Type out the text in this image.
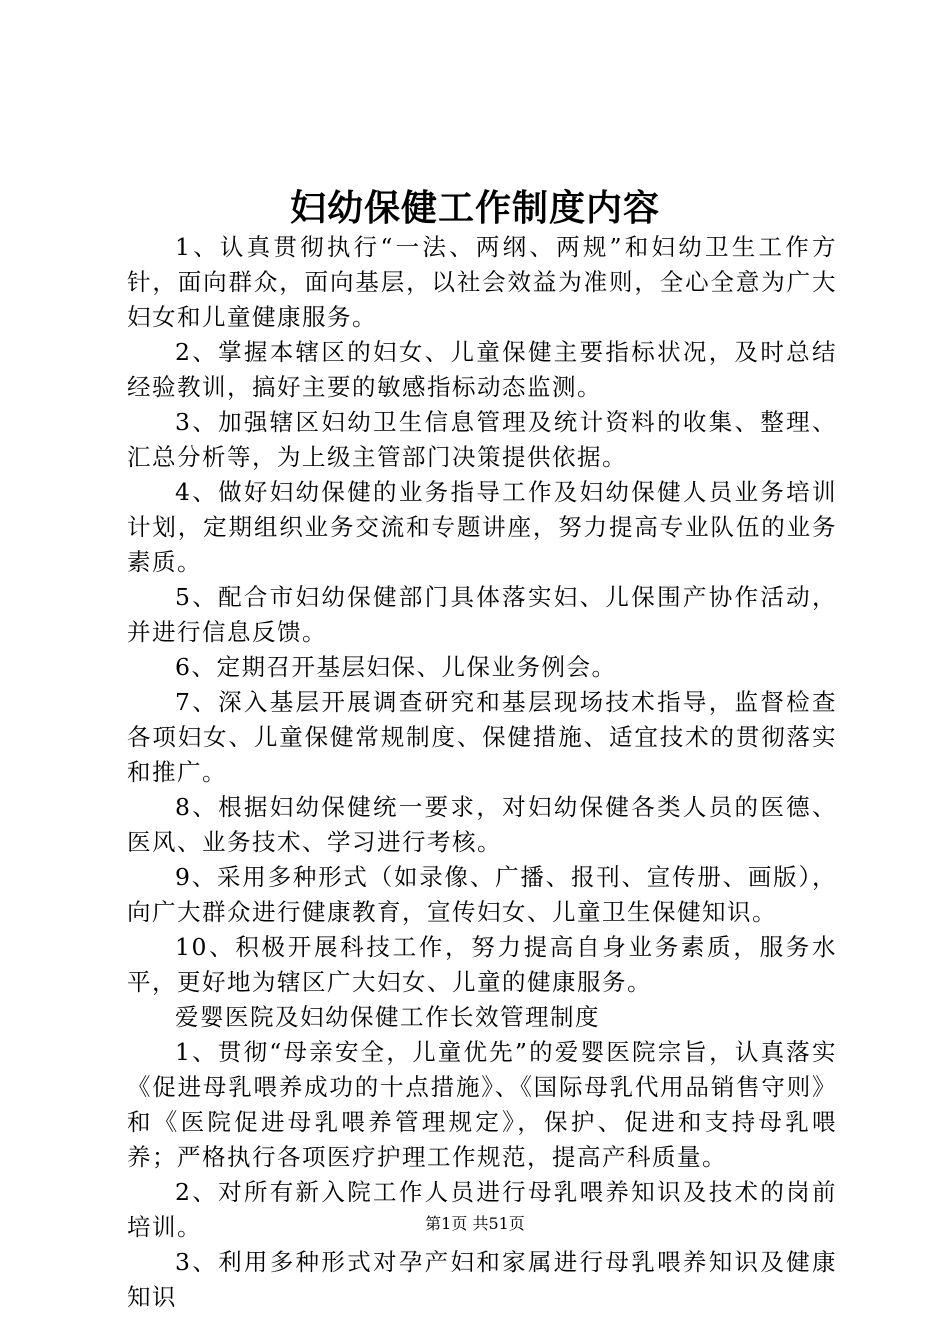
妇幼保健工作制度内容

1、认真贯彻执行“一法、两纲、两规”和妇幼卫生工作方针，面向群众，面向基层，以社会效益为准则，全心全意为广大妇女和儿童健康服务。

2、掌握本辖区的妇女、儿童保健主要指标状况，及时总结经验教训，搞好主要的敏感指标动态监测。

3、加强辖区妇幼卫生信息管理及统计资料的收集、整理、汇总分析等，为上级主管部门决策提供依据。

4、做好妇幼保健的业务指导工作及妇幼保健人员业务培训计划，定期组织业务交流和专题讲座，努力提高专业队伍的业务素质。

5、配合市妇幼保健部门具体落实妇、儿保围产协作活动，并进行信息反馈。

6、定期召开基层妇保、儿保业务例会。

7、深入基层开展调查研究和基层现场技术指导，监督检查各项妇女、儿童保健常规制度、保健措施、适宜技术的贯彻落实和推广。

8、根据妇幼保健统一要求，对妇幼保健各类人员的医德、医风、业务技术、学习进行考核。

9、采用多种形式（如录像、广播、报刊、宣传册、画版），向广大群众进行健康教育，宣传妇女、儿童卫生保健知识。

10、积极开展科技工作，努力提高自身业务素质，服务水平，更好地为辖区广大妇女、儿童的健康服务。

爱婴医院及妇幼保健工作长效管理制度

1、贯彻“母亲安全，儿童优先”的爱婴医院宗旨，认真落实《促进母乳喂养成功的十点措施》、《国际母乳代用品销售守则》和《医院促进母乳喂养管理规定》，保护、促进和支持母乳喂养；严格执行各项医疗护理工作规范，提高产科质量。

2、对所有新入院工作人员进行母乳喂养知识及技术的岗前培训。

3、利用多种形式对孕产妇和家属进行母乳喂养知识及健康知识

第1页 共51页
